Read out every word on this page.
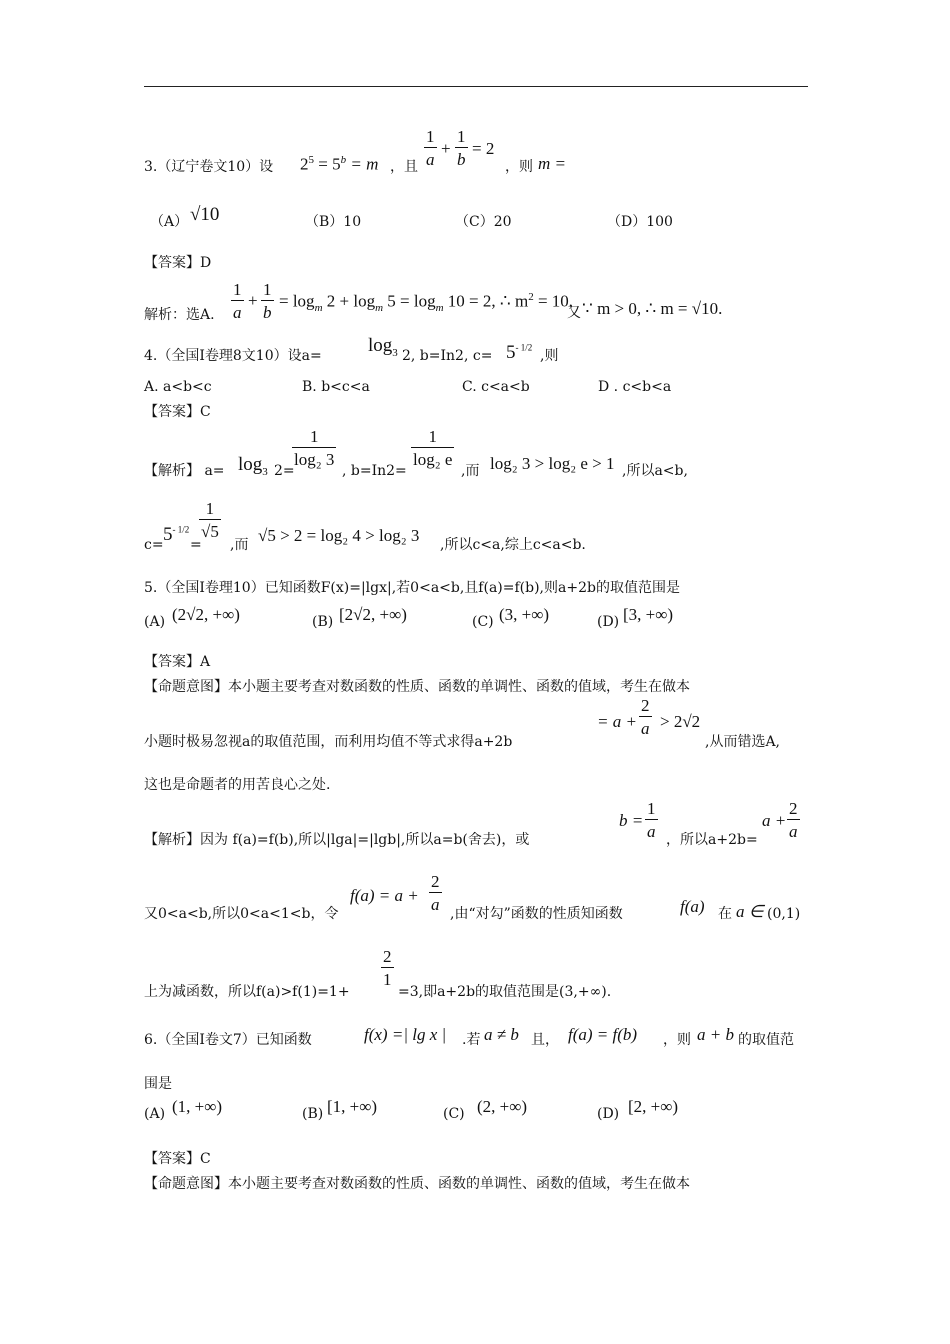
3.（辽宁卷文10）设 $2^5 = 5^b = m$ ，且
1
a
+
1
b
= 2
，则 m =
（A） √10	（B）10	（C）20	（D）100
【答案】D
解析：选A.
1
a
+
1
b
= $\log_m 2 + \log_m 5 = \log_m 10 = 2$, ∴ $m^2 = 10$,
又 ∵ m > 0, ∴ m = √10.
4.（全国Ⅰ卷理8文10）设$a= \log_3 2$, b=In2, $c= 5^{- 1/2}$
,则
A. a<b<c	B. b<c<a	C. c<a<b	D . c<b<a
【答案】C
【解析】 $a= \log_3 2=$
1
log₂ 3
, b=In2=
1
log₂ e
,而 log₂ 3 > log₂ e > 1 ,所以a<b,
$c= 5^{- 1/2}$
=
1
√5
,而 √5 > 2 = log₂ 4 > log₂ 3 ,所以c<a,综上c<a<b.
5.（全国Ⅰ卷理10）已知函数F(x)=|lgx|,若0<a<b,且f(a)=f(b),则a+2b的取值范围是
(A) (2√2, +∞)	(B) [2√2, +∞)	(C) (3, +∞)	(D) [3, +∞)
【答案】A
【命题意图】本小题主要考查对数函数的性质、函数的单调性、函数的值域，考生在做本
小题时极易忽视a的取值范围，而利用均值不等式求得a+2b
= a +
2
a > 2√2
,从而错选A,
这也是命题者的用苦良心之处.
【解析】因为 f(a)=f(b),所以|lga|=|lgb|,所以a=b(舍去)，或
b =
1
a ，所以a+2b=
a +
2
a
又0<a<b,所以0<a<1<b，令
f(a) = a +
2
a ,由“对勾”函数的性质知函数	f(a) 在 a ∈ (0,1)
上为减函数，所以f(a)>f(1)=1+
2
1
=3,即a+2b的取值范围是(3,+∞).
6.（全国Ⅰ卷文7）已知函数	f(x) =| lg x | .若 a ≠ b 且， f(a) = f(b) ，则 a + b 的取值范
围是
(A) (1, +∞)	(B) [1, +∞)	(C) (2, +∞)	(D) [2, +∞)
【答案】C
【命题意图】本小题主要考查对数函数的性质、函数的单调性、函数的值域，考生在做本
